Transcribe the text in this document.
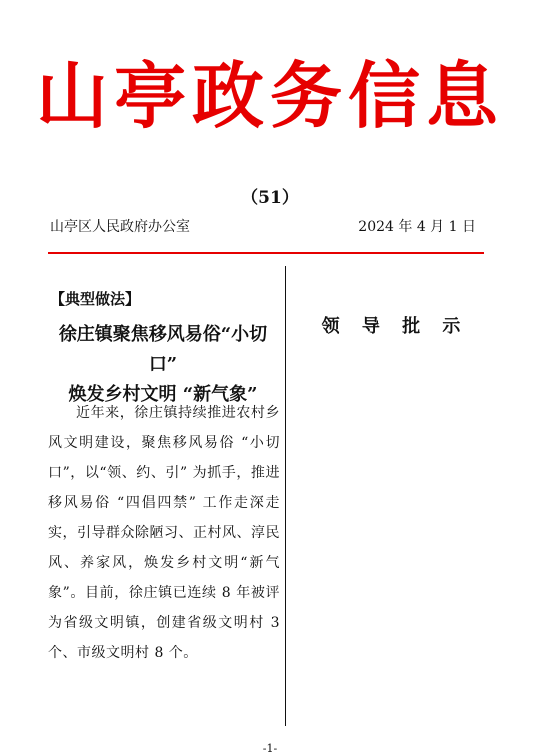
山亭政务信息
（51）
山亭区人民政府办公室	2024 年 4 月 1 日
【典型做法】
徐庄镇聚焦移风易俗“小切口”
焕发乡村文明 “新气象”

近年来，徐庄镇持续推进农村乡风文明建设，聚焦移风易俗 “小切口”，以“领、约、引” 为抓手，推进移风易俗 “四倡四禁” 工作走深走实，引导群众除陋习、正村风、淳民风、养家风，焕发乡村文明“新气象”。目前，徐庄镇已连续 8 年被评为省级文明镇，创建省级文明村 3 个、市级文明村 8 个。

领 导 批 示
-1-
